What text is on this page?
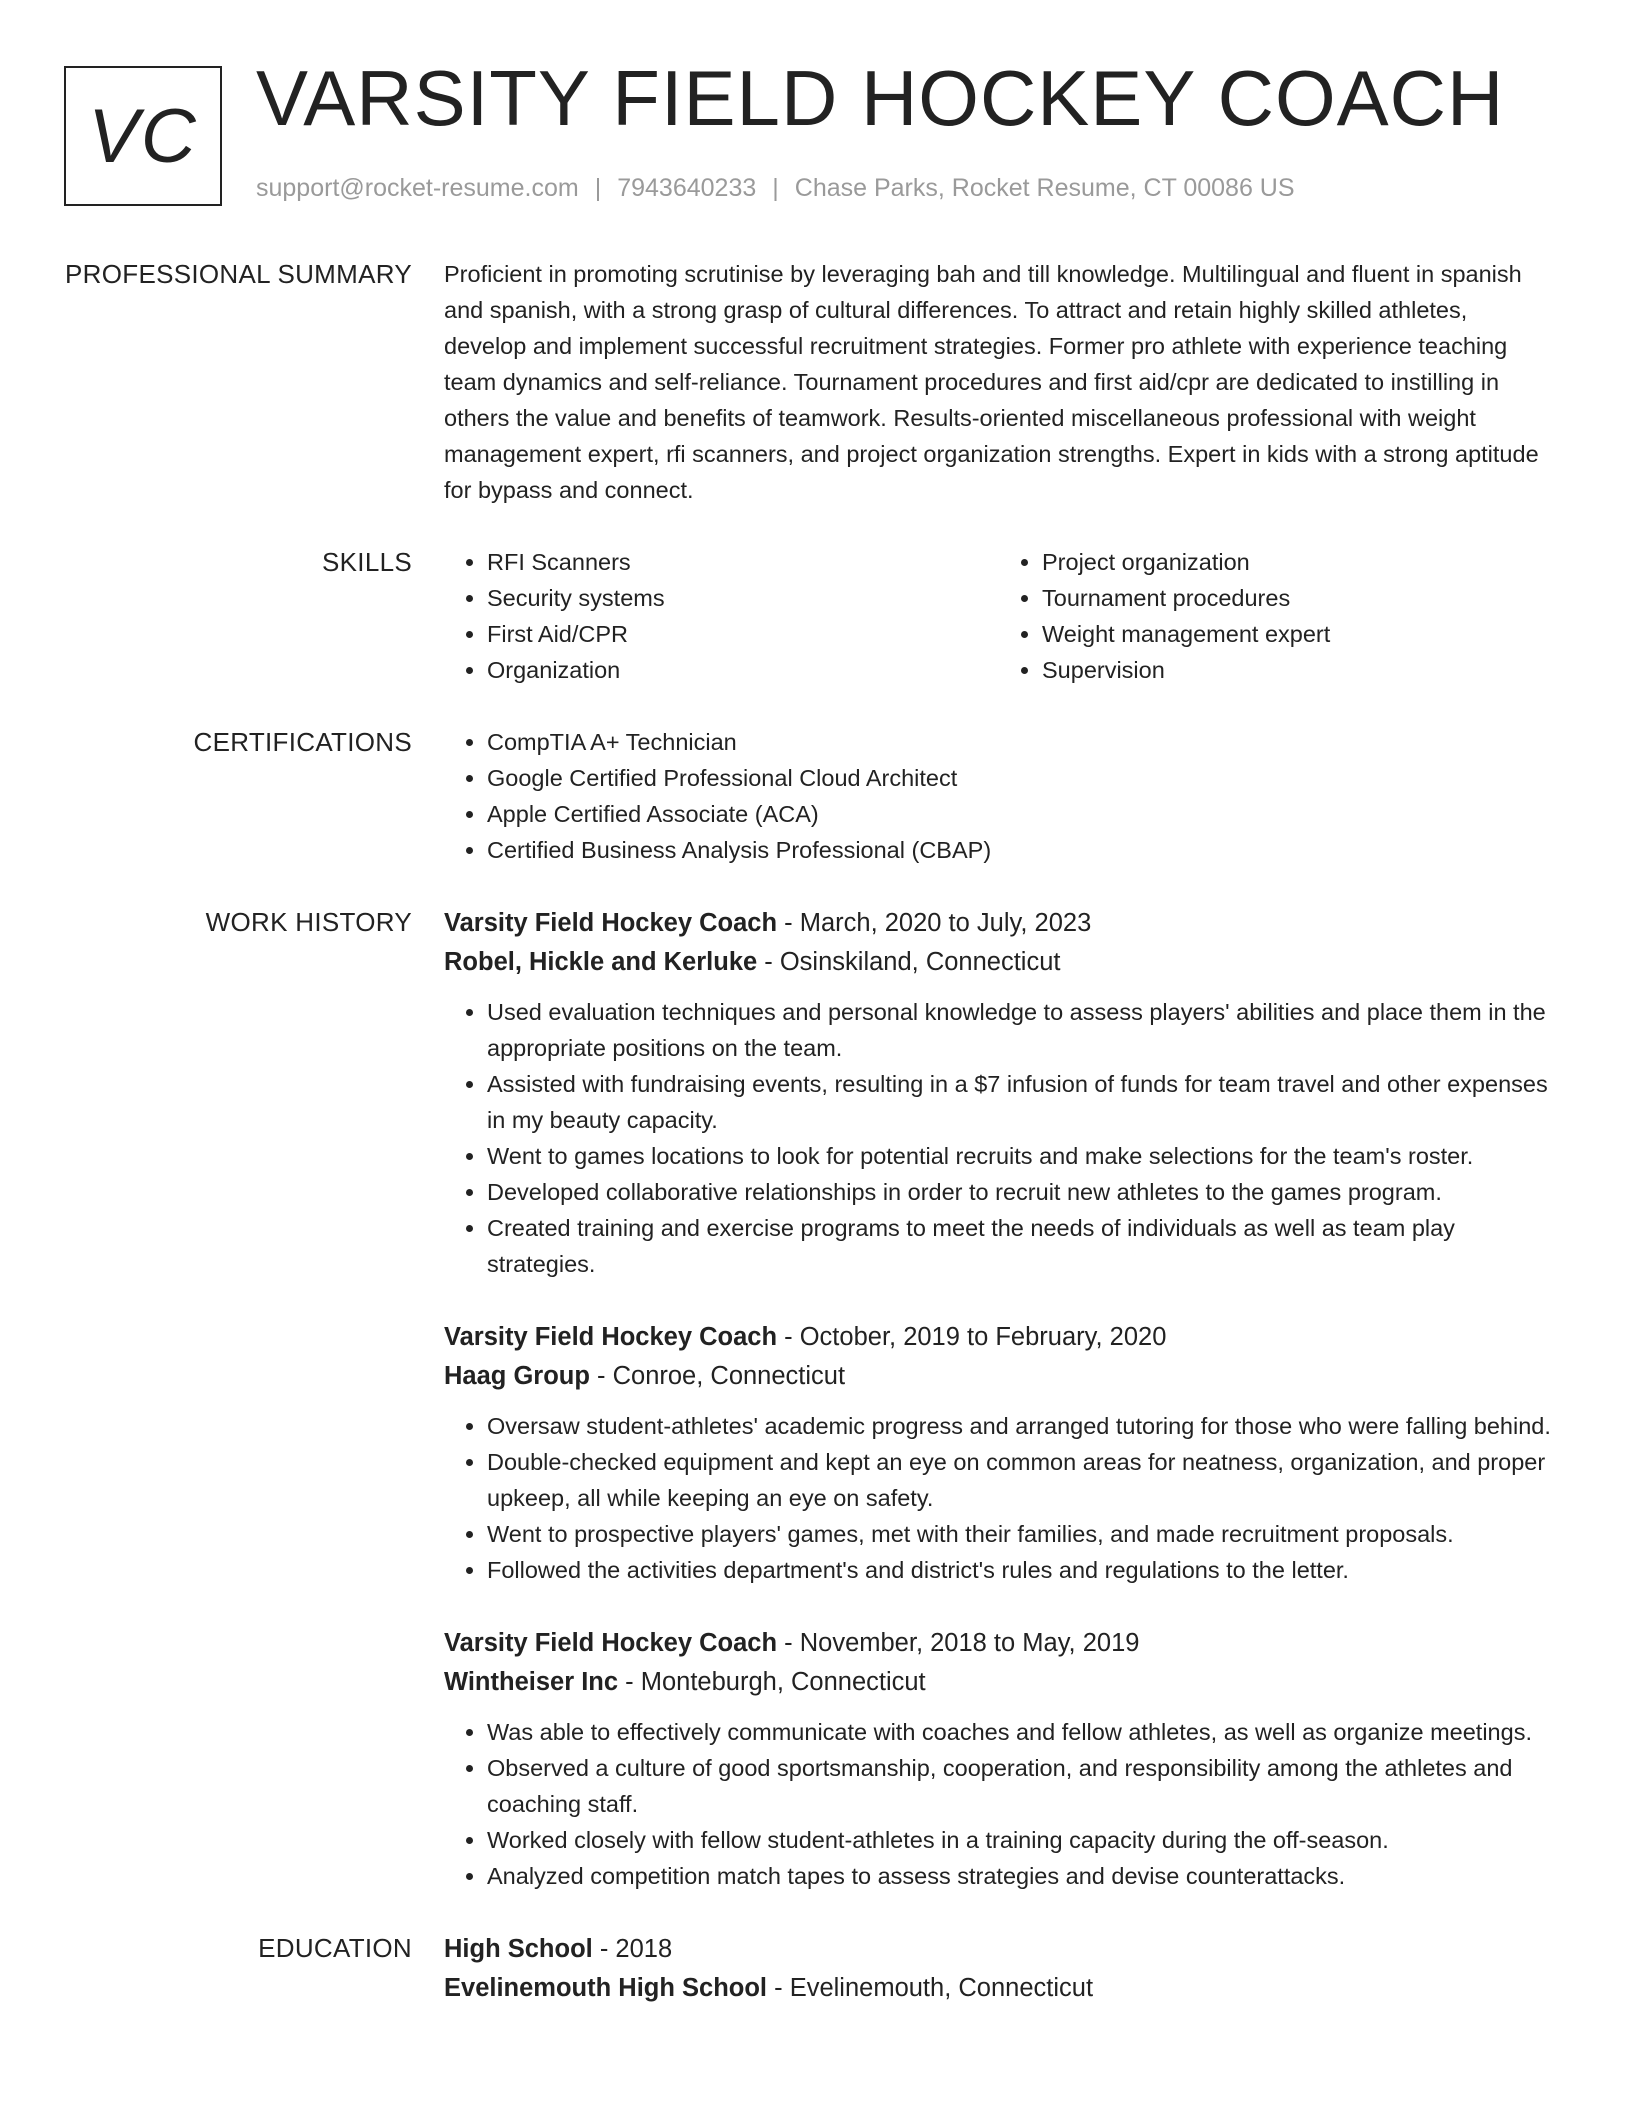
VC VARSITY FIELD HOCKEY COACH
support@rocket-resume.com | 7943640233 | Chase Parks, Rocket Resume, CT 00086 US
PROFESSIONAL SUMMARY Proficient in promoting scrutinise by leveraging bah and till knowledge. Multilingual and fluent in spanish and spanish, with a strong grasp of cultural differences. To attract and retain highly skilled athletes, develop and implement successful recruitment strategies. Former pro athlete with experience teaching team dynamics and self-reliance. Tournament procedures and first aid/cpr are dedicated to instilling in others the value and benefits of teamwork. Results-oriented miscellaneous professional with weight management expert, rfi scanners, and project organization strengths. Expert in kids with a strong aptitude for bypass and connect.

SKILLS	• RFI Scanners
• Security systems
• First Aid/CPR
• Organization
• Project organization
• Tournament procedures
• Weight management expert
• Supervision
CERTIFICATIONS	• CompTIA A+ Technician
• Google Certified Professional Cloud Architect
• Apple Certified Associate (ACA)
• Certified Business Analysis Professional (CBAP)
WORK HISTORY Varsity Field Hockey Coach - March, 2020 to July, 2023
Robel, Hickle and Kerluke - Osinskiland, Connecticut
• Used evaluation techniques and personal knowledge to assess players' abilities and place them in the appropriate positions on the team.
• Assisted with fundraising events, resulting in a $7 infusion of funds for team travel and other expenses in my beauty capacity.
• Went to games locations to look for potential recruits and make selections for the team's roster.
• Developed collaborative relationships in order to recruit new athletes to the games program.
• Created training and exercise programs to meet the needs of individuals as well as team play strategies.
Varsity Field Hockey Coach - October, 2019 to February, 2020
Haag Group - Conroe, Connecticut
• Oversaw student-athletes' academic progress and arranged tutoring for those who were falling behind.
• Double-checked equipment and kept an eye on common areas for neatness, organization, and proper upkeep, all while keeping an eye on safety.
• Went to prospective players' games, met with their families, and made recruitment proposals.
• Followed the activities department's and district's rules and regulations to the letter.
Varsity Field Hockey Coach - November, 2018 to May, 2019
Wintheiser Inc - Monteburgh, Connecticut
• Was able to effectively communicate with coaches and fellow athletes, as well as organize meetings.
• Observed a culture of good sportsmanship, cooperation, and responsibility among the athletes and coaching staff.
• Worked closely with fellow student-athletes in a training capacity during the off-season.
• Analyzed competition match tapes to assess strategies and devise counterattacks.
EDUCATION High School - 2018
Evelinemouth High School - Evelinemouth, Connecticut
